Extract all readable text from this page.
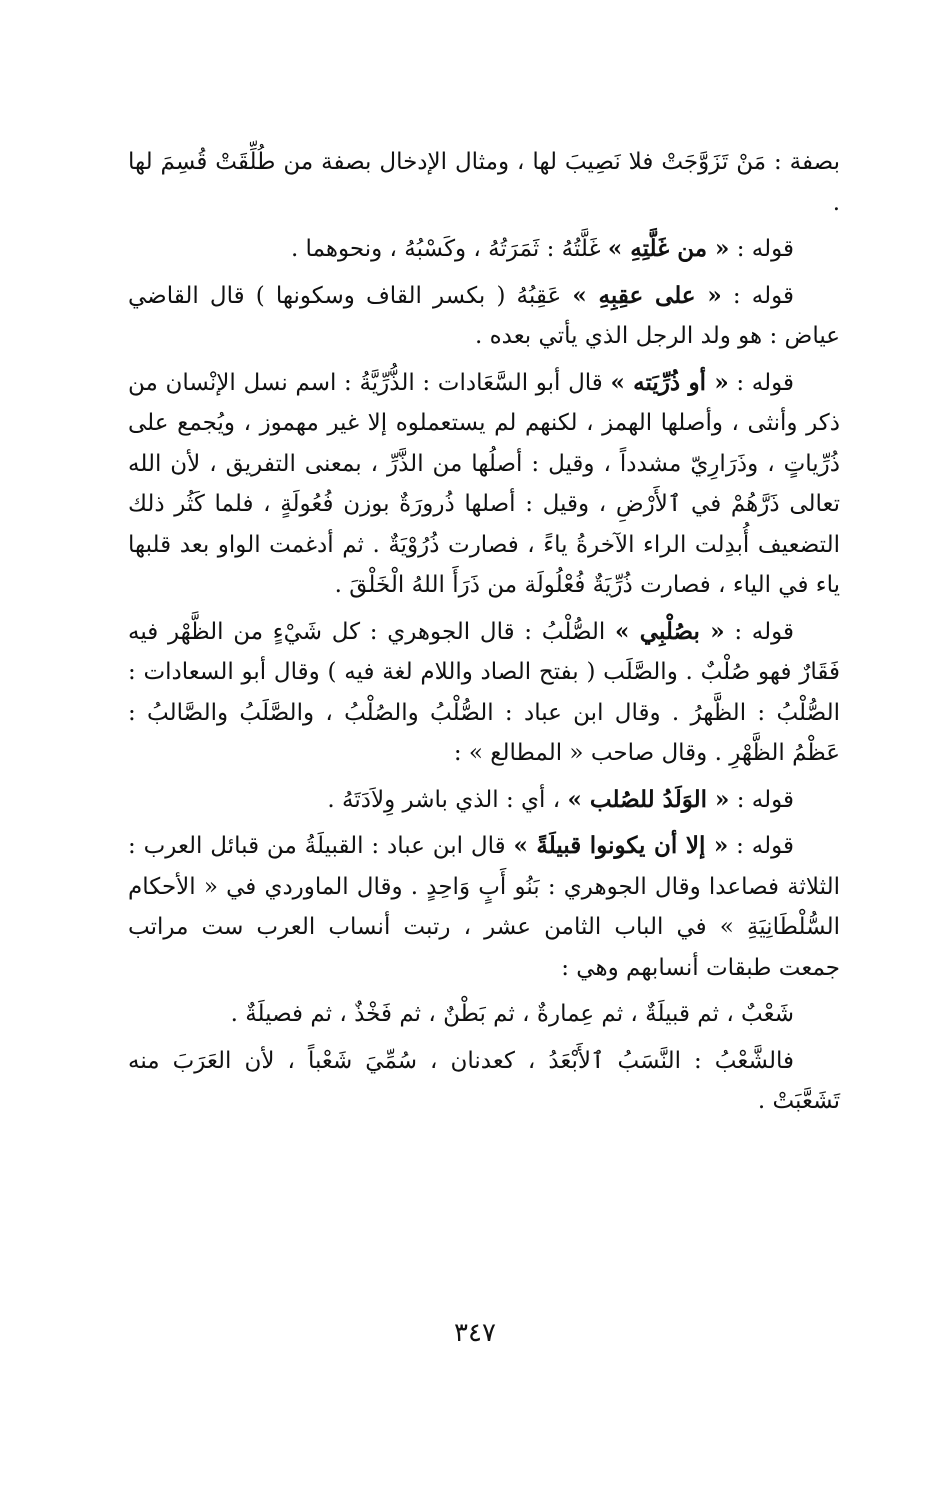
بصفة : مَنْ تَزَوَّجَتْ فلا نَصِيبَ لها ، ومثال الإدخال بصفة من طُلِّقَتْ قُسِمَ لها .

قوله : « من غَلَّتِهِ » غَلَّتُهُ : ثَمَرَتُهُ ، وكَسْبُهُ ، ونحوهما .

قوله : « على عقِبِهِ » عَقِبُهُ ( بكسر القاف وسكونها ) قال القاضي عياض : هو ولد الرجل الذي يأتي بعده .

قوله : « أو ذُرِّيَته » قال أبو السَّعَادات : الذُّرِّيَّةُ : اسم نسل الإنْسان من ذكر وأنثى ، وأصلها الهمز ، لكنهم لم يستعملوه إلا غير مهموز ، ويُجمع على ذُرِّياتٍ ، وذَرَارِيّ مشدداً ، وقيل : أصلُها من الذَّرِّ ، بمعنى التفريق ، لأن الله تعالى ذَرَّهُمْ في ٱلأَرْضِ ، وقيل : أصلها ذُرورَةٌ بوزن فُعُولَةٍ ، فلما كَثُر ذلك التضعيف أُبدِلت الراء الآخرةُ ياءً ، فصارت ذُرُوْيَةٌ . ثم أدغمت الواو بعد قلبها ياء في الياء ، فصارت ذُرِّيَةٌ فُعْلُولَة من ذَرَأَ اللهُ الْخَلْقَ .

قوله : « بصُلْبِي » الصُّلْبُ : قال الجوهري : كل شَيْءٍ من الظَّهْر فيه فَقَارٌ فهو صُلْبٌ . والصَّلَب ( بفتح الصاد واللام لغة فيه ) وقال أبو السعادات : الصُّلْبُ : الظَّهرُ . وقال ابن عباد : الصُّلْبُ والصُلْبُ ، والصَّلَبُ والصَّالبُ : عَظْمُ الظَّهْرِ . وقال صاحب « المطالع » :

قوله : « الوَلَدُ للصُلب » ، أي : الذي باشر وِلاَدَتَهُ .

قوله : « إلا أن يكونوا قبيلَةً » قال ابن عباد : القبيلَةُ من قبائل العرب : الثلاثة فصاعدا وقال الجوهري : بَنُو أَبٍ وَاحِدٍ . وقال الماوردي في « الأحكام السُّلْطَانِيَةِ » في الباب الثامن عشر ، رتبت أنساب العرب ست مراتب جمعت طبقات أنسابهم وهي :

شَعْبٌ ، ثم قبيلَةٌ ، ثم عِمارةٌ ، ثم بَطْنٌ ، ثم فَخْذٌ ، ثم فصيلَةٌ .

فالشَّعْبُ : النَّسَبُ ٱلأَبْعَدُ ، كعدنان ، سُمِّيَ شَعْباً ، لأن العَرَبَ منه تَشَعَّبَتْ .

٣٤٧
